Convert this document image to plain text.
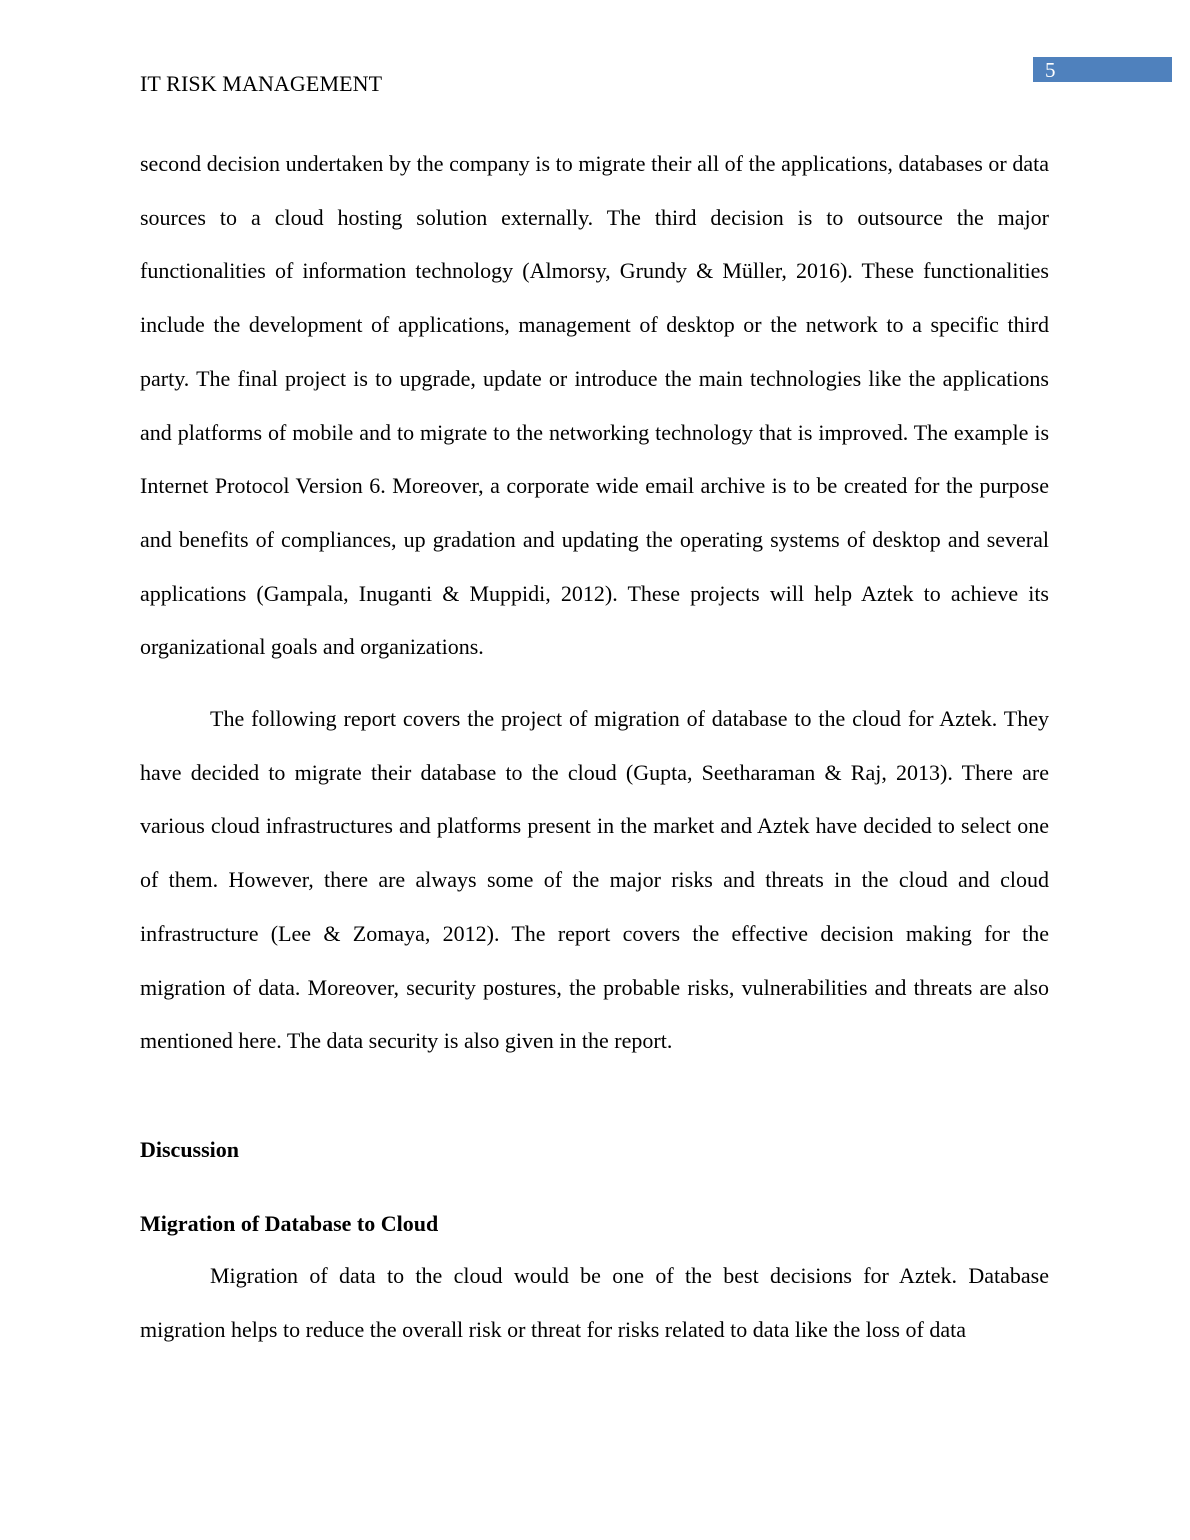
5
IT RISK MANAGEMENT

second decision undertaken by the company is to migrate their all of the applications, databases or data sources to a cloud hosting solution externally. The third decision is to outsource the major functionalities of information technology (Almorsy, Grundy & Müller, 2016). These functionalities include the development of applications, management of desktop or the network to a specific third party. The final project is to upgrade, update or introduce the main technologies like the applications and platforms of mobile and to migrate to the networking technology that is improved. The example is Internet Protocol Version 6. Moreover, a corporate wide email archive is to be created for the purpose and benefits of compliances, up gradation and updating the operating systems of desktop and several applications (Gampala, Inuganti & Muppidi, 2012). These projects will help Aztek to achieve its organizational goals and organizations.

The following report covers the project of migration of database to the cloud for Aztek. They have decided to migrate their database to the cloud (Gupta, Seetharaman & Raj, 2013). There are various cloud infrastructures and platforms present in the market and Aztek have decided to select one of them. However, there are always some of the major risks and threats in the cloud and cloud infrastructure (Lee & Zomaya, 2012). The report covers the effective decision making for the migration of data. Moreover, security postures, the probable risks, vulnerabilities and threats are also mentioned here. The data security is also given in the report.

Discussion
Migration of Database to Cloud

Migration of data to the cloud would be one of the best decisions for Aztek. Database migration helps to reduce the overall risk or threat for risks related to data like the loss of data
